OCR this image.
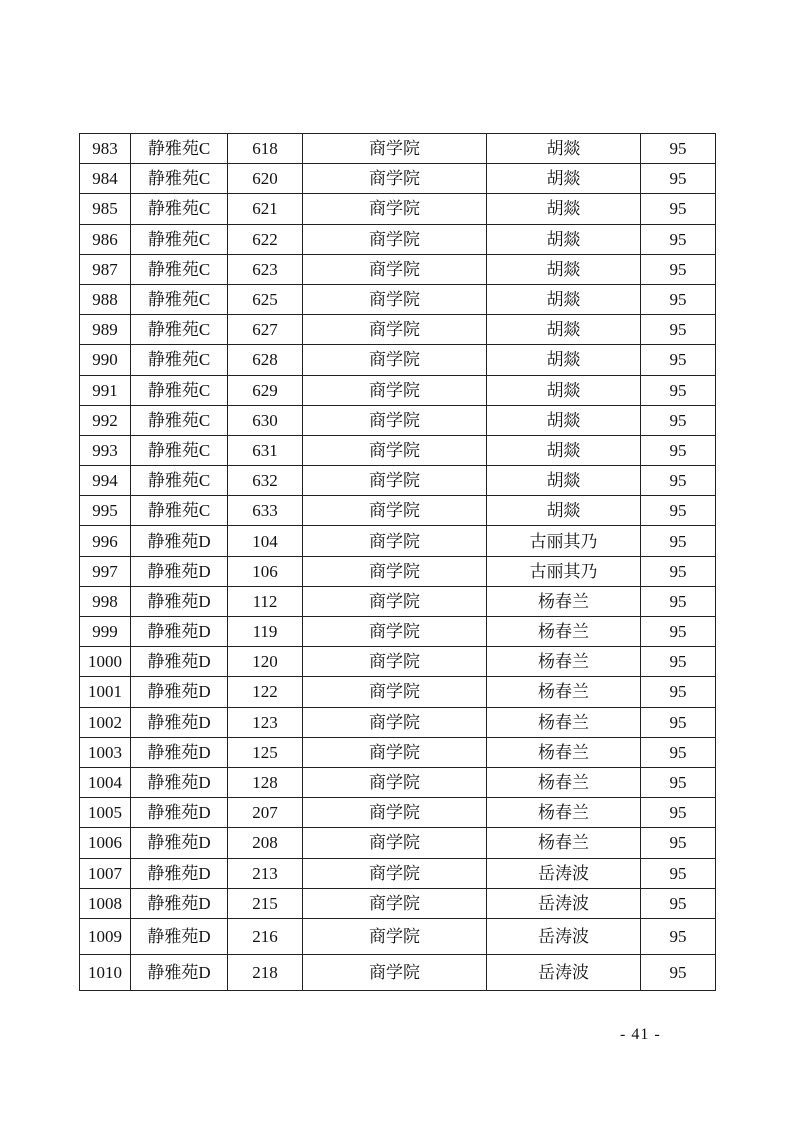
983	静雅苑C	618	商学院	胡燚	95
984	静雅苑C	620	商学院	胡燚	95
985	静雅苑C	621	商学院	胡燚	95
986	静雅苑C	622	商学院	胡燚	95
987	静雅苑C	623	商学院	胡燚	95
988	静雅苑C	625	商学院	胡燚	95
989	静雅苑C	627	商学院	胡燚	95
990	静雅苑C	628	商学院	胡燚	95
991	静雅苑C	629	商学院	胡燚	95
992	静雅苑C	630	商学院	胡燚	95
993	静雅苑C	631	商学院	胡燚	95
994	静雅苑C	632	商学院	胡燚	95
995	静雅苑C	633	商学院	胡燚	95
996	静雅苑D	104	商学院	古丽其乃	95
997	静雅苑D	106	商学院	古丽其乃	95
998	静雅苑D	112	商学院	杨春兰	95
999	静雅苑D	119	商学院	杨春兰	95
1000	静雅苑D	120	商学院	杨春兰	95
1001	静雅苑D	122	商学院	杨春兰	95
1002	静雅苑D	123	商学院	杨春兰	95
1003	静雅苑D	125	商学院	杨春兰	95
1004	静雅苑D	128	商学院	杨春兰	95
1005	静雅苑D	207	商学院	杨春兰	95
1006	静雅苑D	208	商学院	杨春兰	95
1007	静雅苑D	213	商学院	岳涛波	95
1008	静雅苑D	215	商学院	岳涛波	95
1009	静雅苑D	216	商学院	岳涛波	95
1010	静雅苑D	218	商学院	岳涛波	95
- 41 -
